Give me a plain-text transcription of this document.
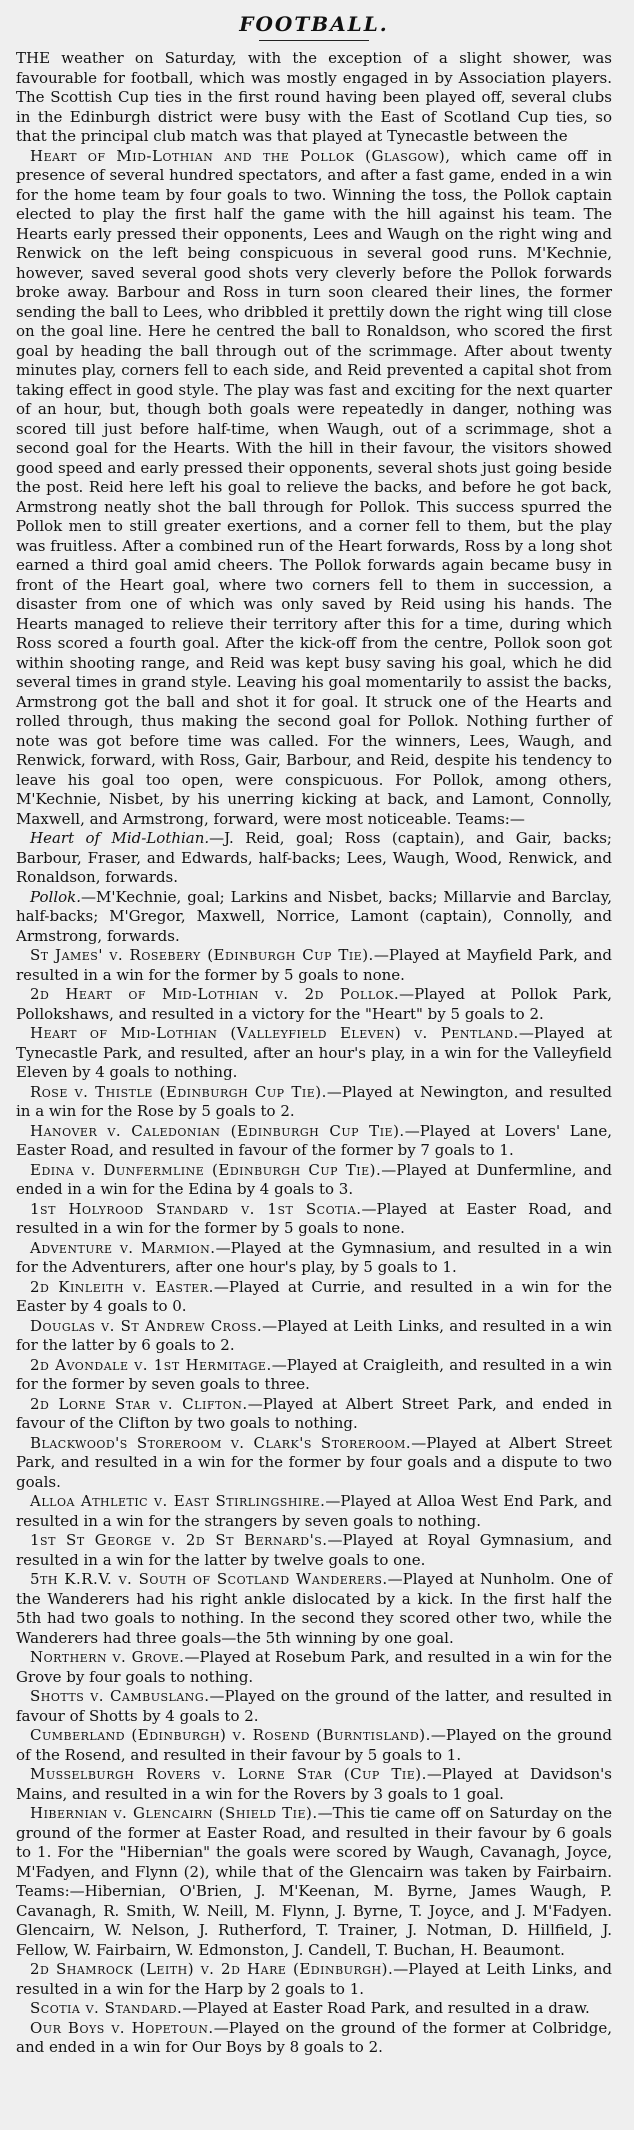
FOOTBALL.

THE weather on Saturday, with the exception of a slight shower, was favourable for football, which was mostly engaged in by Association players. The Scottish Cup ties in the first round having been played off, several clubs in the Edinburgh district were busy with the East of Scotland Cup ties, so that the principal club match was that played at Tynecastle between the

Heart of Mid-Lothian and the Pollok (Glasgow), which came off in presence of several hundred spectators, and after a fast game, ended in a win for the home team by four goals to two. Winning the toss, the Pollok captain elected to play the first half the game with the hill against his team. The Hearts early pressed their opponents, Lees and Waugh on the right wing and Renwick on the left being conspicuous in several good runs. M'Kechnie, however, saved several good shots very cleverly before the Pollok forwards broke away. Barbour and Ross in turn soon cleared their lines, the former sending the ball to Lees, who dribbled it prettily down the right wing till close on the goal line. Here he centred the ball to Ronaldson, who scored the first goal by heading the ball through out of the scrimmage. After about twenty minutes play, corners fell to each side, and Reid prevented a capital shot from taking effect in good style. The play was fast and exciting for the next quarter of an hour, but, though both goals were repeatedly in danger, nothing was scored till just before half-time, when Waugh, out of a scrimmage, shot a second goal for the Hearts. With the hill in their favour, the visitors showed good speed and early pressed their opponents, several shots just going beside the post. Reid here left his goal to relieve the backs, and before he got back, Armstrong neatly shot the ball through for Pollok. This success spurred the Pollok men to still greater exertions, and a corner fell to them, but the play was fruitless. After a combined run of the Heart forwards, Ross by a long shot earned a third goal amid cheers. The Pollok forwards again became busy in front of the Heart goal, where two corners fell to them in succession, a disaster from one of which was only saved by Reid using his hands. The Hearts managed to relieve their territory after this for a time, during which Ross scored a fourth goal. After the kick-off from the centre, Pollok soon got within shooting range, and Reid was kept busy saving his goal, which he did several times in grand style. Leaving his goal momentarily to assist the backs, Armstrong got the ball and shot it for goal. It struck one of the Hearts and rolled through, thus making the second goal for Pollok. Nothing further of note was got before time was called. For the winners, Lees, Waugh, and Renwick, forward, with Ross, Gair, Barbour, and Reid, despite his tendency to leave his goal too open, were conspicuous. For Pollok, among others, M'Kechnie, Nisbet, by his unerring kicking at back, and Lamont, Connolly, Maxwell, and Armstrong, forward, were most noticeable. Teams:—

Heart of Mid-Lothian.—J. Reid, goal; Ross (captain), and Gair, backs; Barbour, Fraser, and Edwards, half-backs; Lees, Waugh, Wood, Renwick, and Ronaldson, forwards.

Pollok.—M'Kechnie, goal; Larkins and Nisbet, backs; Millarvie and Barclay, half-backs; M'Gregor, Maxwell, Norrice, Lamont (captain), Connolly, and Armstrong, forwards.

St James' v. Rosebery (Edinburgh Cup Tie).—Played at Mayfield Park, and resulted in a win for the former by 5 goals to none.

2d Heart of Mid-Lothian v. 2d Pollok.—Played at Pollok Park, Pollokshaws, and resulted in a victory for the "Heart" by 5 goals to 2.

Heart of Mid-Lothian (Valleyfield Eleven) v. Pentland.—Played at Tynecastle Park, and resulted, after an hour's play, in a win for the Valleyfield Eleven by 4 goals to nothing.

Rose v. Thistle (Edinburgh Cup Tie).—Played at Newington, and resulted in a win for the Rose by 5 goals to 2.

Hanover v. Caledonian (Edinburgh Cup Tie).—Played at Lovers' Lane, Easter Road, and resulted in favour of the former by 7 goals to 1.

Edina v. Dunfermline (Edinburgh Cup Tie).—Played at Dunfermline, and ended in a win for the Edina by 4 goals to 3.

1st Holyrood Standard v. 1st Scotia.—Played at Easter Road, and resulted in a win for the former by 5 goals to none.

Adventure v. Marmion.—Played at the Gymnasium, and resulted in a win for the Adventurers, after one hour's play, by 5 goals to 1.

2d Kinleith v. Easter.—Played at Currie, and resulted in a win for the Easter by 4 goals to 0.

Douglas v. St Andrew Cross.—Played at Leith Links, and resulted in a win for the latter by 6 goals to 2.

2d Avondale v. 1st Hermitage.—Played at Craigleith, and resulted in a win for the former by seven goals to three.

2d Lorne Star v. Clifton.—Played at Albert Street Park, and ended in favour of the Clifton by two goals to nothing.

Blackwood's Storeroom v. Clark's Storeroom.—Played at Albert Street Park, and resulted in a win for the former by four goals and a dispute to two goals.

Alloa Athletic v. East Stirlingshire.—Played at Alloa West End Park, and resulted in a win for the strangers by seven goals to nothing.

1st St George v. 2d St Bernard's.—Played at Royal Gymnasium, and resulted in a win for the latter by twelve goals to one.

5th K.R.V. v. South of Scotland Wanderers.—Played at Nunholm. One of the Wanderers had his right ankle dislocated by a kick. In the first half the 5th had two goals to nothing. In the second they scored other two, while the Wanderers had three goals—the 5th winning by one goal.

Northern v. Grove.—Played at Rosebum Park, and resulted in a win for the Grove by four goals to nothing.

Shotts v. Cambuslang.—Played on the ground of the latter, and resulted in favour of Shotts by 4 goals to 2.

Cumberland (Edinburgh) v. Rosend (Burntisland).—Played on the ground of the Rosend, and resulted in their favour by 5 goals to 1.

Musselburgh Rovers v. Lorne Star (Cup Tie).—Played at Davidson's Mains, and resulted in a win for the Rovers by 3 goals to 1 goal.

Hibernian v. Glencairn (Shield Tie).—This tie came off on Saturday on the ground of the former at Easter Road, and resulted in their favour by 6 goals to 1. For the "Hibernian" the goals were scored by Waugh, Cavanagh, Joyce, M'Fadyen, and Flynn (2), while that of the Glencairn was taken by Fairbairn. Teams:—Hibernian, O'Brien, J. M'Keenan, M. Byrne, James Waugh, P. Cavanagh, R. Smith, W. Neill, M. Flynn, J. Byrne, T. Joyce, and J. M'Fadyen. Glencairn, W. Nelson, J. Rutherford, T. Trainer, J. Notman, D. Hillfield, J. Fellow, W. Fairbairn, W. Edmonston, J. Candell, T. Buchan, H. Beaumont.

2d Shamrock (Leith) v. 2d Hare (Edinburgh).—Played at Leith Links, and resulted in a win for the Harp by 2 goals to 1.

Scotia v. Standard.—Played at Easter Road Park, and resulted in a draw.

Our Boys v. Hopetoun.—Played on the ground of the former at Colbridge, and ended in a win for Our Boys by 8 goals to 2.
